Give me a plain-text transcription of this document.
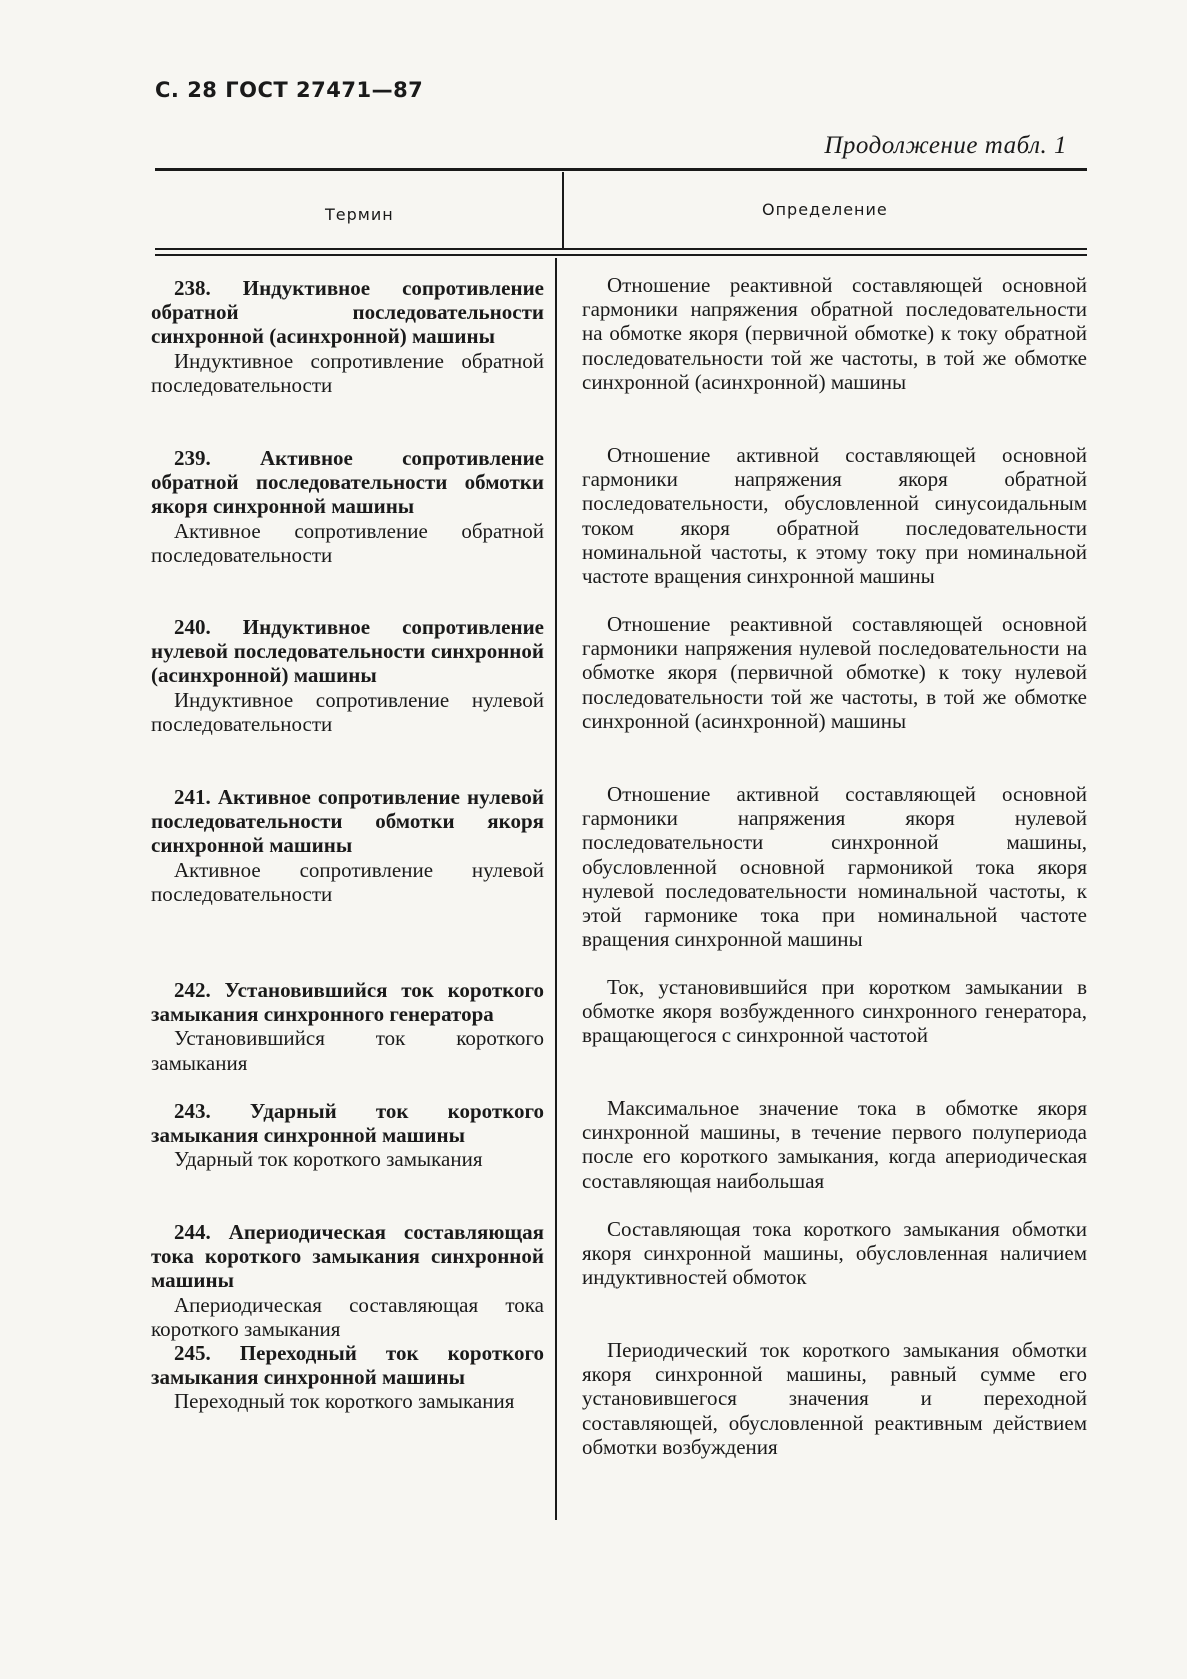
С. 28 ГОСТ 27471—87
Продолжение табл. 1
Термин	Определение
238. Индуктивное сопротивление обратной последовательности синхронной (асинхронной) машины
Индуктивное сопротивление обратной последовательности
Отношение реактивной составляющей основной гармоники напряжения обратной последовательности на обмотке якоря (первичной обмотке) к току обратной последовательности той же частоты, в той же обмотке синхронной (асинхронной) машины
239. Активное сопротивление обратной последовательности обмотки якоря синхронной машины
Активное сопротивление обратной последовательности
Отношение активной составляющей основной гармоники напряжения якоря обратной последовательности, обусловленной синусоидальным током якоря обратной последовательности номинальной частоты, к этому току при номинальной частоте вращения синхронной машины
240. Индуктивное сопротивление нулевой последовательности синхронной (асинхронной) машины
Индуктивное сопротивление нулевой последовательности
Отношение реактивной составляющей основной гармоники напряжения нулевой последовательности на обмотке якоря (первичной обмотке) к току нулевой последовательности той же частоты, в той же обмотке синхронной (асинхронной) машины
241. Активное сопротивление нулевой последовательности обмотки якоря синхронной машины
Активное сопротивление нулевой последовательности
Отношение активной составляющей основной гармоники напряжения якоря нулевой последовательности синхронной машины, обусловленной основной гармоникой тока якоря нулевой последовательности номинальной частоты, к этой гармонике тока при номинальной частоте вращения синхронной машины
242. Установившийся ток короткого замыкания синхронного генератора
Установившийся ток короткого замыкания
Ток, установившийся при коротком замыкании в обмотке якоря возбужденного синхронного генератора, вращающегося с синхронной частотой
243. Ударный ток короткого замыкания синхронной машины
Ударный ток короткого замыкания
Максимальное значение тока в обмотке якоря синхронной машины, в течение первого полупериода после его короткого замыкания, когда апериодическая составляющая наибольшая
244. Апериодическая составляющая тока короткого замыкания синхронной машины
Апериодическая составляющая тока короткого замыкания
Составляющая тока короткого замыкания обмотки якоря синхронной машины, обусловленная наличием индуктивностей обмоток
245. Переходный ток короткого замыкания синхронной машины
Переходный ток короткого замыкания
Периодический ток короткого замыкания обмотки якоря синхронной машины, равный сумме его установившегося значения и переходной составляющей, обусловленной реактивным действием обмотки возбуждения
